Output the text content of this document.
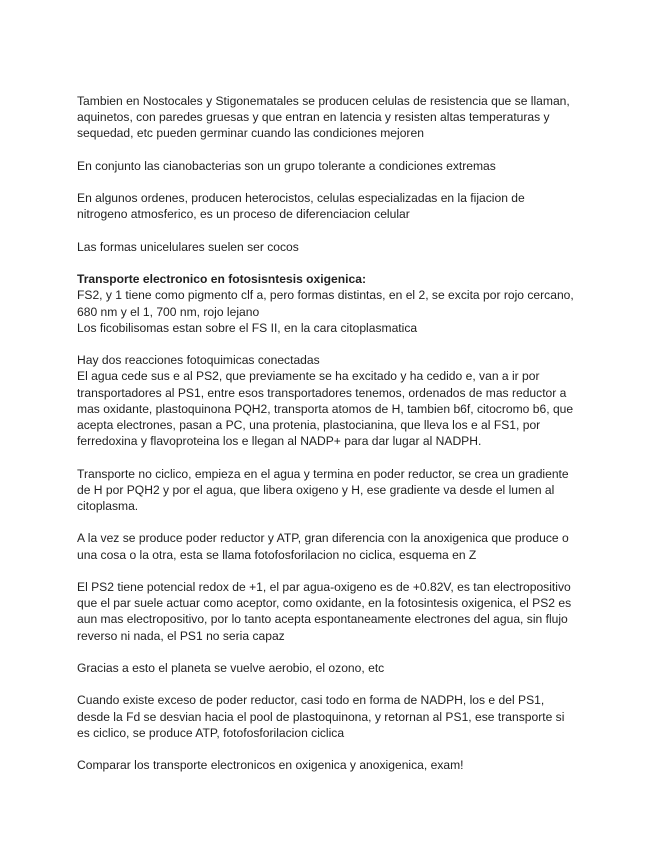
Tambien en Nostocales y Stigonematales se producen celulas de resistencia que se llaman, aquinetos, con paredes gruesas y que entran en latencia y resisten altas temperaturas y sequedad, etc pueden germinar cuando las condiciones mejoren

En conjunto las cianobacterias son un grupo tolerante a condiciones extremas

En algunos ordenes, producen heterocistos, celulas especializadas en la fijacion de nitrogeno atmosferico, es un proceso de diferenciacion celular

Las formas unicelulares suelen ser cocos

Transporte electronico en fotosisntesis oxigenica:

FS2, y 1 tiene como pigmento clf a, pero formas distintas, en el 2, se excita por rojo cercano, 680 nm y el 1, 700 nm, rojo lejano

Los ficobilisomas estan sobre el FS II, en la cara citoplasmatica

Hay dos reacciones fotoquimicas conectadas

El agua cede sus e al PS2, que previamente se ha excitado y ha cedido e, van a ir por transportadores al PS1, entre esos transportadores tenemos, ordenados de mas reductor a mas oxidante, plastoquinona PQH2, transporta atomos de H, tambien b6f, citocromo b6, que acepta electrones, pasan a PC, una protenia, plastocianina, que lleva los e al FS1, por ferredoxina y flavoproteina los e llegan al NADP+ para dar lugar al NADPH.

Transporte no ciclico, empieza en el agua y termina en poder reductor, se crea un gradiente de H por PQH2 y por el agua, que libera oxigeno y H, ese gradiente va desde el lumen al citoplasma.

A la vez se produce poder reductor y ATP, gran diferencia con la anoxigenica que produce o una cosa o la otra, esta se llama fotofosforilacion no ciclica, esquema en Z

El PS2 tiene potencial redox de +1, el par agua-oxigeno es de +0.82V, es tan electropositivo que el par suele actuar como aceptor, como oxidante, en la fotosintesis oxigenica, el PS2 es aun mas electropositivo, por lo tanto acepta espontaneamente electrones del agua, sin flujo reverso ni nada, el PS1 no seria capaz

Gracias a esto el planeta se vuelve aerobio, el ozono, etc

Cuando existe exceso de poder reductor, casi todo en forma de NADPH, los e del PS1, desde la Fd se desvian hacia el pool de plastoquinona, y retornan al PS1, ese transporte si es ciclico, se produce ATP, fotofosforilacion ciclica

Comparar los transporte electronicos en oxigenica y anoxigenica, exam!
